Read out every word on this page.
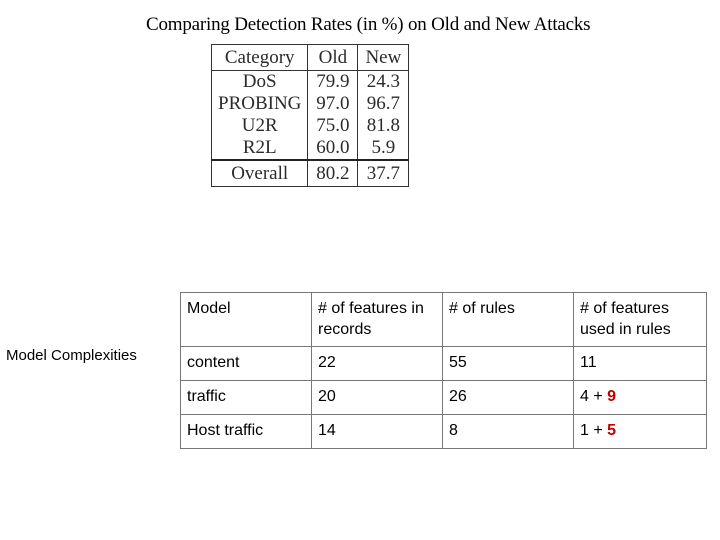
Comparing Detection Rates (in %) on Old and New Attacks
Category	Old	New
DoS	79.9	24.3
PROBING	97.0	96.7
U2R	75.0	81.8
R2L	60.0	5.9
Overall	80.2	37.7
Model Complexities
Model	# of features in records	# of rules	# of features used in rules
content	22	55	11
traffic	20	26	4 + 9
Host traffic	14	8	1 + 5
